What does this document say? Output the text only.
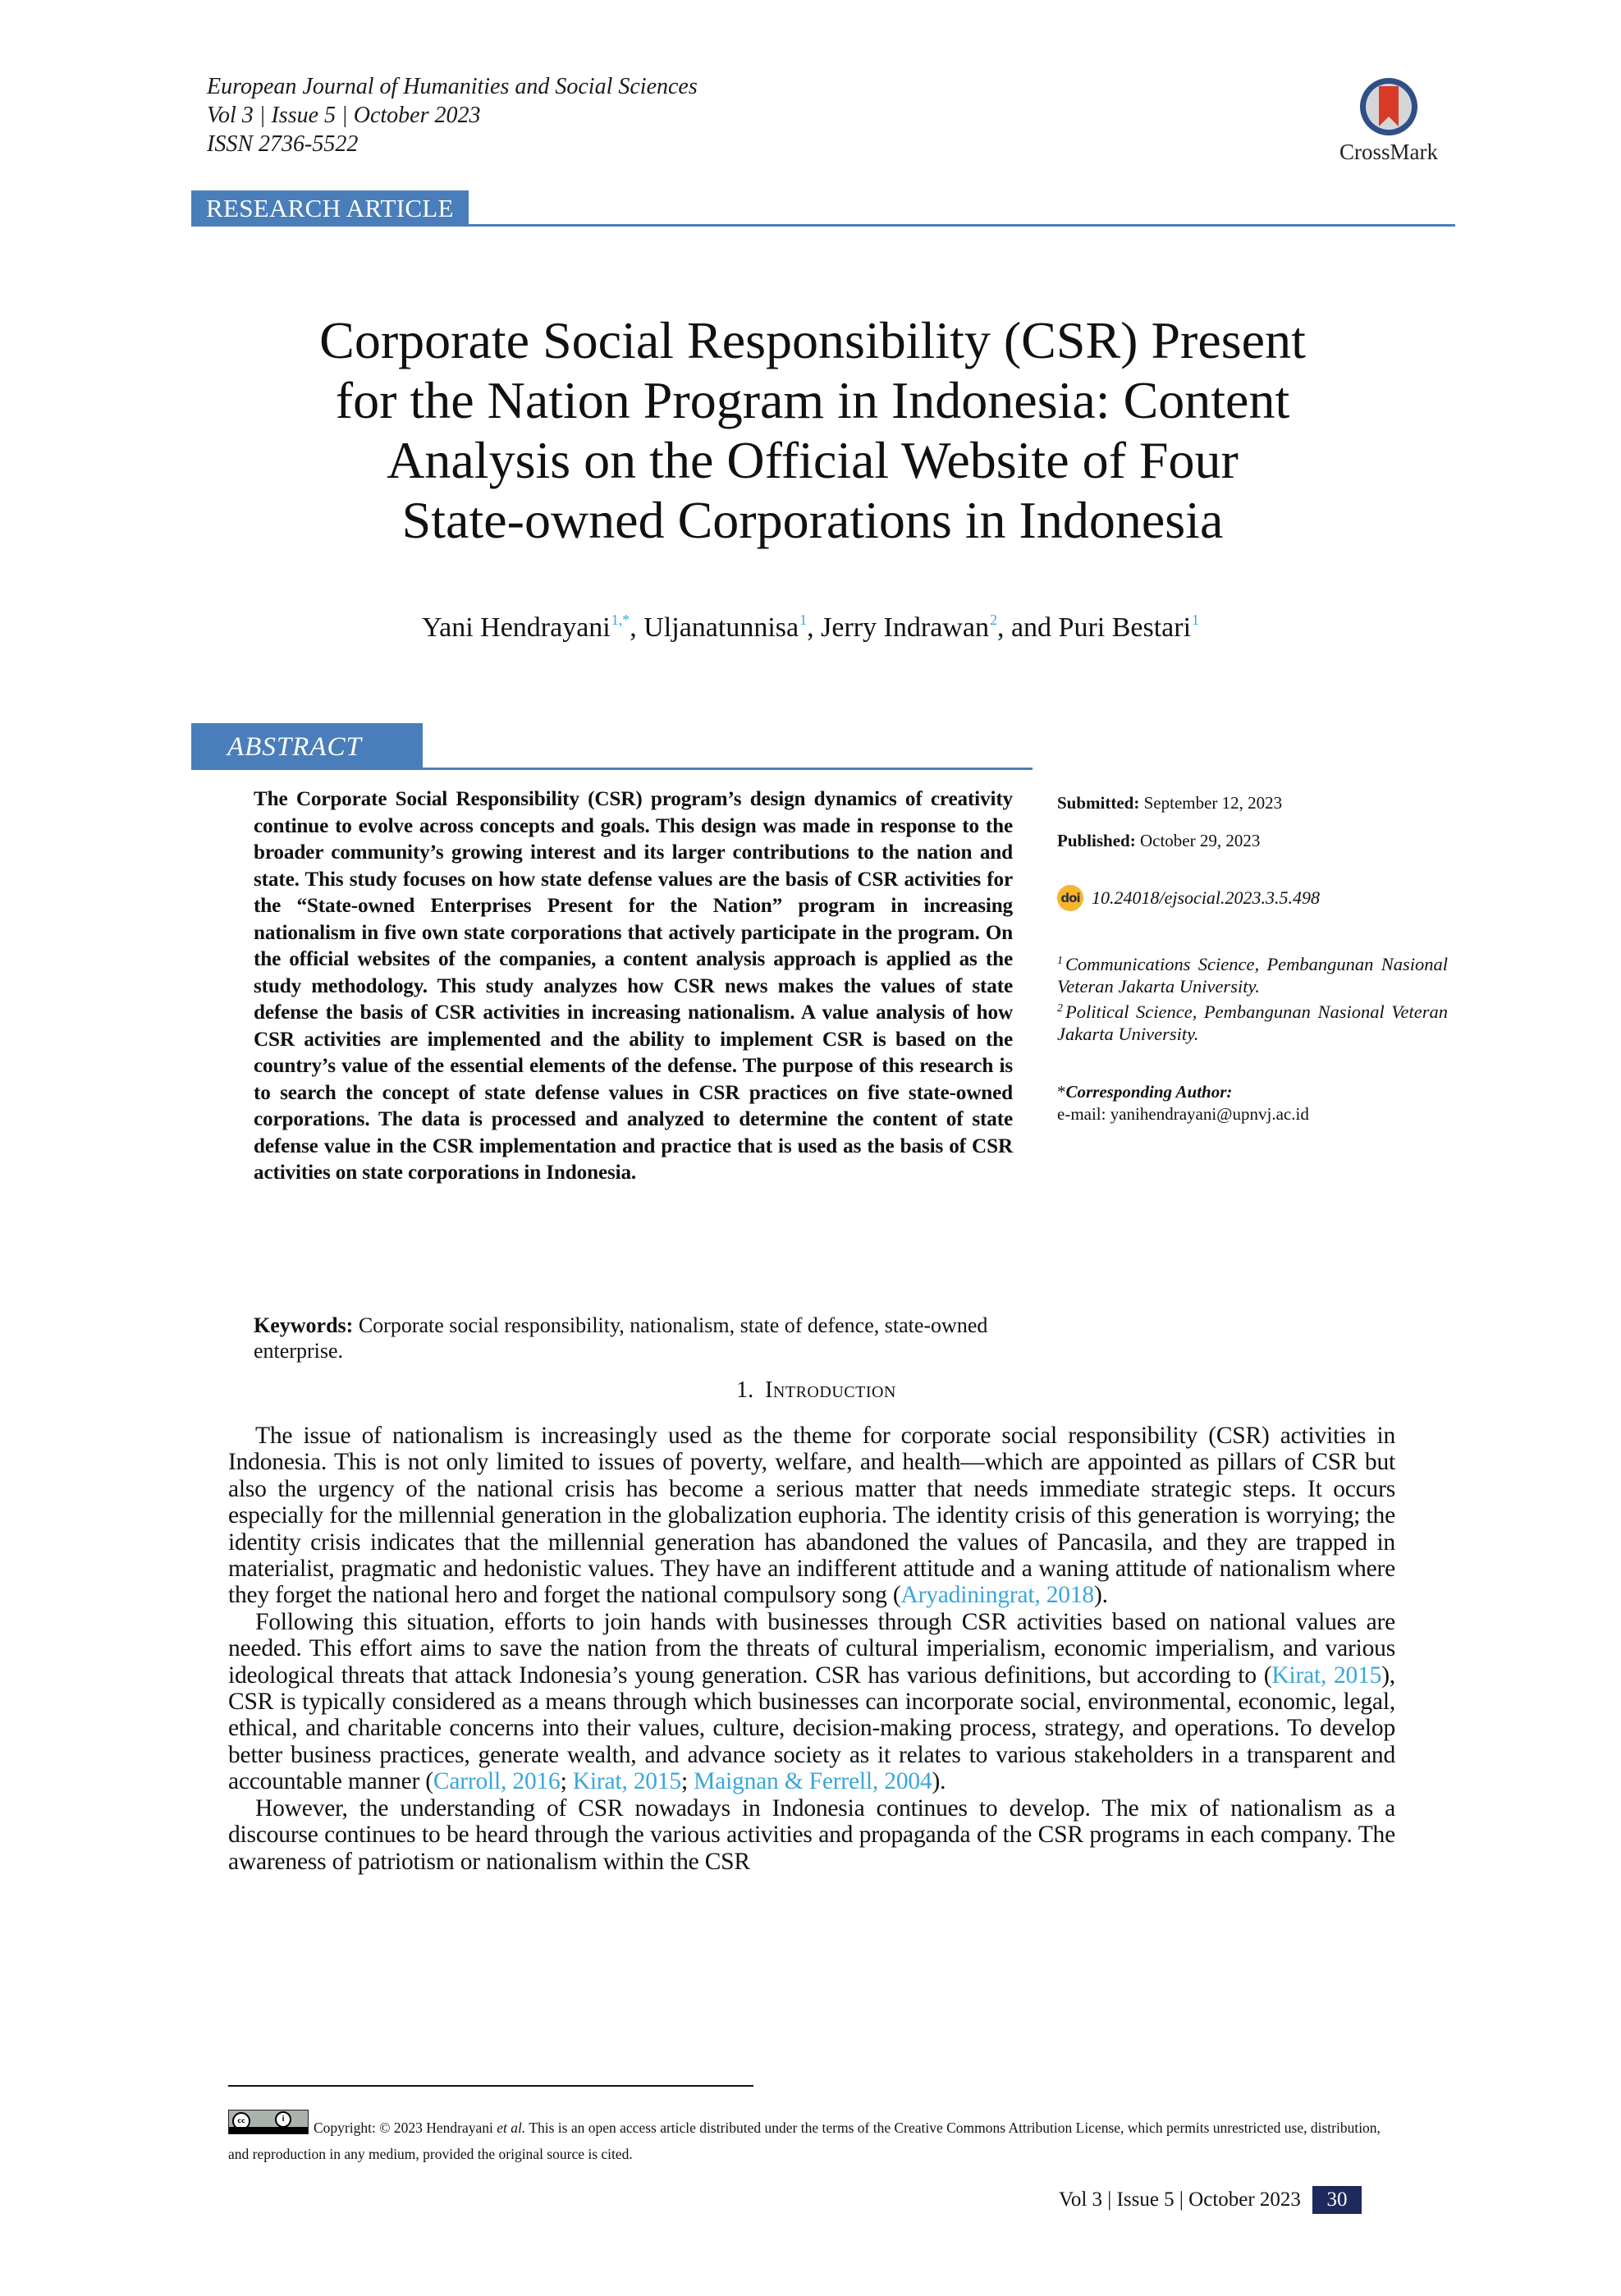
European Journal of Humanities and Social Sciences
Vol 3 | Issue 5 | October 2023
ISSN 2736-5522	CrossMark
RESEARCH ARTICLE
Corporate Social Responsibility (CSR) Present
for the Nation Program in Indonesia: Content
Analysis on the Official Website of Four
State-owned Corporations in Indonesia
Yani Hendrayani$^{1,*}$, Uljanatunnisa$^1$, Jerry Indrawan$^2$, and Puri Bestari$^1$
ABSTRACT
The Corporate Social Responsibility (CSR) program’s design dynamics of creativity continue to evolve across concepts and goals. This design was made in response to the broader community’s growing interest and its larger contributions to the nation and state. This study focuses on how state defense values are the basis of CSR activities for the “State-owned Enterprises Present for the Nation” program in increasing nationalism in five own state corporations that actively participate in the program. On the official websites of the companies, a content analysis approach is applied as the study methodology. This study analyzes how CSR news makes the values of state defense the basis of CSR activities in increasing nationalism. A value analysis of how CSR activities are implemented and the ability to implement CSR is based on the country’s value of the essential elements of the defense. The purpose of this research is to search the concept of state defense values in CSR practices on five state-owned corporations. The data is processed and analyzed to determine the content of state defense value in the CSR implementation and practice that is used as the basis of CSR activities on state corporations in Indonesia.
Keywords: Corporate social responsibility, nationalism, state of defence, state-owned enterprise.
Submitted: September 12, 2023
Published: October 29, 2023
doi 10.24018/ejsocial.2023.3.5.498
$^1$ Communications Science, Pembangunan Nasional Veteran Jakarta University.
$^2$ Political Science, Pembangunan Nasional Veteran Jakarta University.
*Corresponding Author:
e-mail: yanihendrayani@upnvj.ac.id
1. Introduction

The issue of nationalism is increasingly used as the theme for corporate social responsibility (CSR) activities in Indonesia. This is not only limited to issues of poverty, welfare, and health—which are appointed as pillars of CSR but also the urgency of the national crisis has become a serious matter that needs immediate strategic steps. It occurs especially for the millennial generation in the globalization euphoria. The identity crisis of this generation is worrying; the identity crisis indicates that the millennial generation has abandoned the values of Pancasila, and they are trapped in materialist, pragmatic and hedonistic values. They have an indifferent attitude and a waning attitude of nationalism where they forget the national hero and forget the national compulsory song (Aryadiningrat, 2018).

Following this situation, efforts to join hands with businesses through CSR activities based on national values are needed. This effort aims to save the nation from the threats of cultural imperialism, economic imperialism, and various ideological threats that attack Indonesia’s young generation. CSR has various definitions, but according to (Kirat, 2015), CSR is typically considered as a means through which businesses can incorporate social, environmental, economic, legal, ethical, and charitable concerns into their values, culture, decision-making process, strategy, and operations. To develop better business practices, generate wealth, and advance society as it relates to various stakeholders in a transparent and accountable manner (Carroll, 2016; Kirat, 2015; Maignan & Ferrell, 2004).

However, the understanding of CSR nowadays in Indonesia continues to develop. The mix of nationalism as a discourse continues to be heard through the various activities and propaganda of the CSR programs in each company. The awareness of patriotism or nationalism within the CSR

cc	i
BY Copyright: © 2023 Hendrayani et al. This is an open access article distributed under the terms of the Creative Commons Attribution License, which permits unrestricted use, distribution, and reproduction in any medium, provided the original source is cited.
Vol 3 | Issue 5 | October 2023	30
